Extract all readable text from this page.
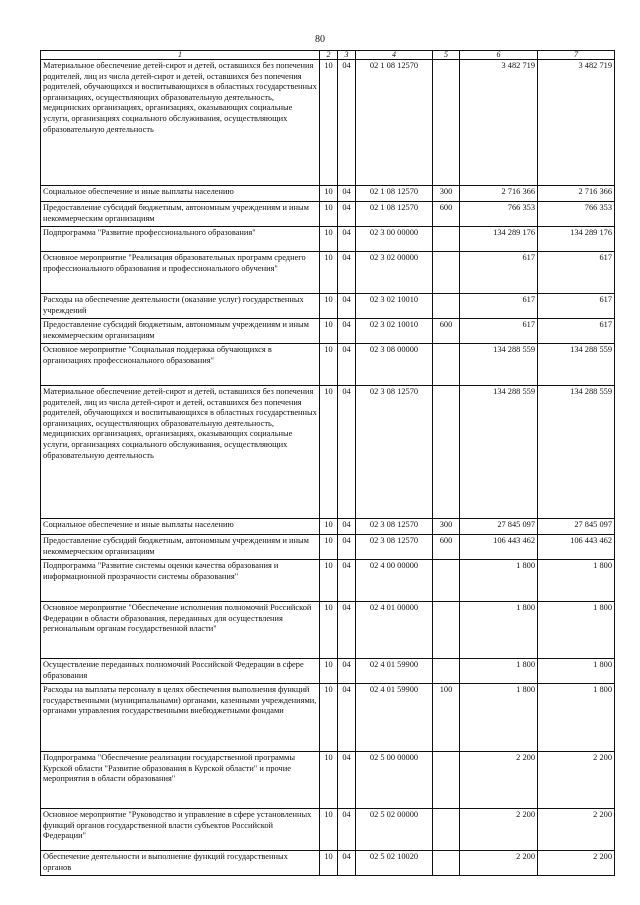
80
1	2	3	4	5	6	7
Материальное обеспечение детей-сирот и детей, оставшихся без попечения родителей, лиц из числа детей-сирот и детей, оставшихся без попечения родителей, обучающихся и воспитывающихся в областных государственных организациях, осуществляющих образовательную деятельность, медицинских организациях, организациях, оказывающих социальные услуги, организациях социального обслуживания, осуществляющих образовательную деятельность	10	04	02 1 08 12570		3 482 719	3 482 719
Социальное обеспечение и иные выплаты населению	10	04	02 1 08 12570	300	2 716 366	2 716 366
Предоставление субсидий бюджетным, автономным учреждениям и иным некоммерческим организациям	10	04	02 1 08 12570	600	766 353	766 353
Подпрограмма "Развитие профессионального образования"	10	04	02 3 00 00000		134 289 176	134 289 176
Основное мероприятие "Реализация образовательных программ среднего профессионального образования и профессионального обучения"	10	04	02 3 02 00000		617	617
Расходы на обеспечение деятельности (оказание услуг) государственных учреждений	10	04	02 3 02 10010		617	617
Предоставление субсидий бюджетным, автономным учреждениям и иным некоммерческим организациям	10	04	02 3 02 10010	600	617	617
Основное мероприятие "Социальная поддержка обучающихся в организациях профессионального образования"	10	04	02 3 08 00000		134 288 559	134 288 559
Материальное обеспечение детей-сирот и детей, оставшихся без попечения родителей, лиц из числа детей-сирот и детей, оставшихся без попечения родителей, обучающихся и воспитывающихся в областных государственных организациях, осуществляющих образовательную деятельность, медицинских организациях, организациях, оказывающих социальные услуги, организациях социального обслуживания, осуществляющих образовательную деятельность	10	04	02 3 08 12570		134 288 559	134 288 559
Социальное обеспечение и иные выплаты населению	10	04	02 3 08 12570	300	27 845 097	27 845 097
Предоставление субсидий бюджетным, автономным учреждениям и иным некоммерческим организациям	10	04	02 3 08 12570	600	106 443 462	106 443 462
Подпрограмма "Развитие системы оценки качества образования и информационной прозрачности системы образования"	10	04	02 4 00 00000		1 800	1 800
Основное мероприятие "Обеспечение исполнения полномочий Российской Федерации в области образования, переданных для осуществления региональным органам государственной власти"	10	04	02 4 01 00000		1 800	1 800
Осуществление переданных полномочий Российской Федерации в сфере образования	10	04	02 4 01 59900		1 800	1 800
Расходы на выплаты персоналу в целях обеспечения выполнения функций государственными (муниципальными) органами, казенными учреждениями, органами управления государственными внебюджетными фондами	10	04	02 4 01 59900	100	1 800	1 800
Подпрограмма "Обеспечение реализации государственной программы Курской области "Развитие образования в Курской области" и прочие мероприятия в области образования"	10	04	02 5 00 00000		2 200	2 200
Основное мероприятие "Руководство и управление в сфере установленных функций органов государственной власти субъектов Российской Федерации"	10	04	02 5 02 00000		2 200	2 200
Обеспечение деятельности и выполнение функций государственных органов	10	04	02 5 02 10020		2 200	2 200
